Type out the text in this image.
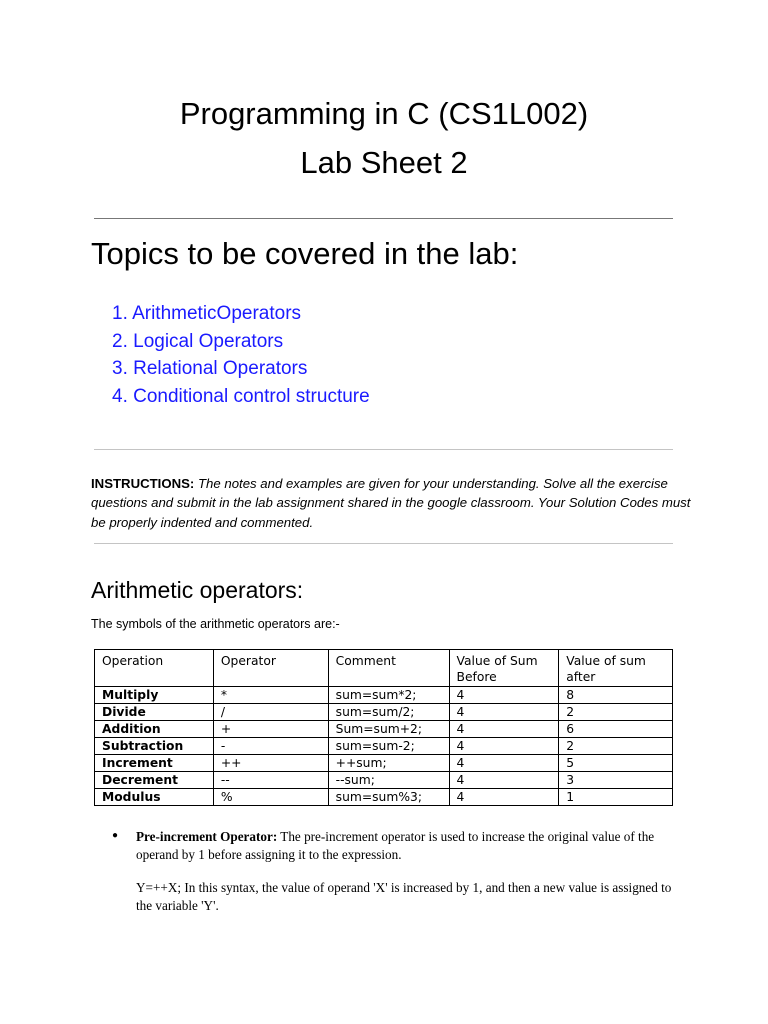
Programming in C (CS1L002)
Lab Sheet 2
Topics to be covered in the lab:
1. ArithmeticOperators
2. Logical Operators
3. Relational Operators
4. Conditional control structure
INSTRUCTIONS: The notes and examples are given for your understanding. Solve all the exercise questions and submit in the lab assignment shared in the google classroom. Your Solution Codes must be properly indented and commented.
Arithmetic operators:
The symbols of the arithmetic operators are:-
Operation	Operator	Comment	Value of Sum Before	Value of sum after
Multiply	*	sum=sum*2;	4	8
Divide	/	sum=sum/2;	4	2
Addition	+	Sum=sum+2;	4	6
Subtraction	-	sum=sum-2;	4	2
Increment	++	++sum;	4	5
Decrement	--	--sum;	4	3
Modulus	%	sum=sum%3;	4	1
● Pre-increment Operator: The pre-increment operator is used to increase the original value of the operand by 1 before assigning it to the expression.

Y=++X; In this syntax, the value of operand 'X' is increased by 1, and then a new value is assigned to the variable 'Y'.
